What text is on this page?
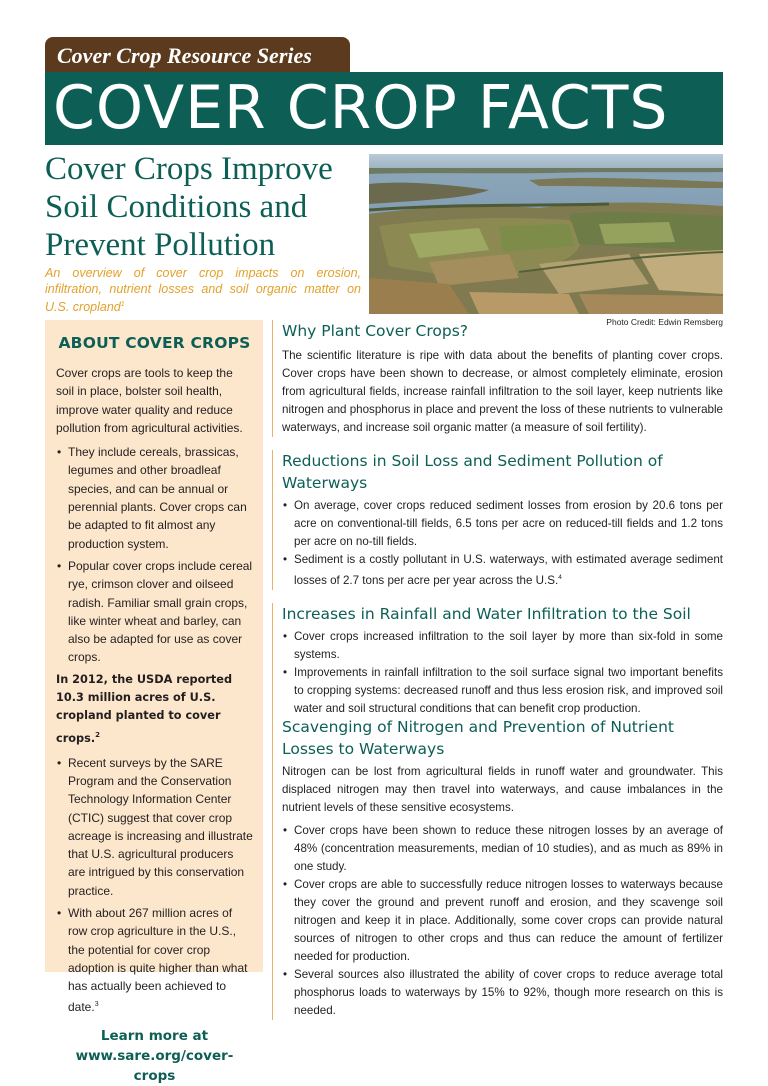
Cover Crop Resource Series
COVER CROP FACTS
Cover Crops Improve Soil Conditions and Prevent Pollution
An overview of cover crop impacts on erosion, infiltration, nutrient losses and soil organic matter on U.S. cropland$^1$
Photo Credit: Edwin Remsberg
ABOUT COVER CROPS

Cover crops are tools to keep the soil in place, bolster soil health, improve water quality and reduce pollution from agricultural activities.

• They include cereals, brassicas, legumes and other broadleaf species, and can be annual or perennial plants. Cover crops can be adapted to fit almost any production system.
• Popular cover crops include cereal rye, crimson clover and oilseed radish. Familiar small grain crops, like winter wheat and barley, can also be adapted for use as cover crops.
In 2012, the USDA reported 10.3 million acres of U.S. cropland planted to cover crops.$^2$
• Recent surveys by the SARE Program and the Conservation Technology Information Center (CTIC) suggest that cover crop acreage is increasing and illustrate that U.S. agricultural producers are intrigued by this conservation practice.
• With about 267 million acres of row crop agriculture in the U.S., the potential for cover crop adoption is quite higher than what has actually been achieved to date.$^3$
Learn more at
www.sare.org/cover-crops
Why Plant Cover Crops?

The scientific literature is ripe with data about the benefits of planting cover crops. Cover crops have been shown to decrease, or almost completely eliminate, erosion from agricultural fields, increase rainfall infiltration to the soil layer, keep nutrients like nitrogen and phosphorus in place and prevent the loss of these nutrients to vulnerable waterways, and increase soil organic matter (a measure of soil fertility).

Reductions in Soil Loss and Sediment Pollution of Waterways
• On average, cover crops reduced sediment losses from erosion by 20.6 tons per acre on conventional-till fields, 6.5 tons per acre on reduced-till fields and 1.2 tons per acre on no-till fields.
• Sediment is a costly pollutant in U.S. waterways, with estimated average sediment losses of 2.7 tons per acre per year across the U.S.$^4$
Increases in Rainfall and Water Infiltration to the Soil
• Cover crops increased infiltration to the soil layer by more than six-fold in some systems.
• Improvements in rainfall infiltration to the soil surface signal two important benefits to cropping systems: decreased runoff and thus less erosion risk, and improved soil water and soil structural conditions that can benefit crop production.
Scavenging of Nitrogen and Prevention of Nutrient Losses to Waterways

Nitrogen can be lost from agricultural fields in runoff water and groundwater. This displaced nitrogen may then travel into waterways, and cause imbalances in the nutrient levels of these sensitive ecosystems.

• Cover crops have been shown to reduce these nitrogen losses by an average of 48% (concentration measurements, median of 10 studies), and as much as 89% in one study.
• Cover crops are able to successfully reduce nitrogen losses to waterways because they cover the ground and prevent runoff and erosion, and they scavenge soil nitrogen and keep it in place. Additionally, some cover crops can provide natural sources of nitrogen to other crops and thus can reduce the amount of fertilizer needed for production.
• Several sources also illustrated the ability of cover crops to reduce average total phosphorus loads to waterways by 15% to 92%, though more research on this is needed.
